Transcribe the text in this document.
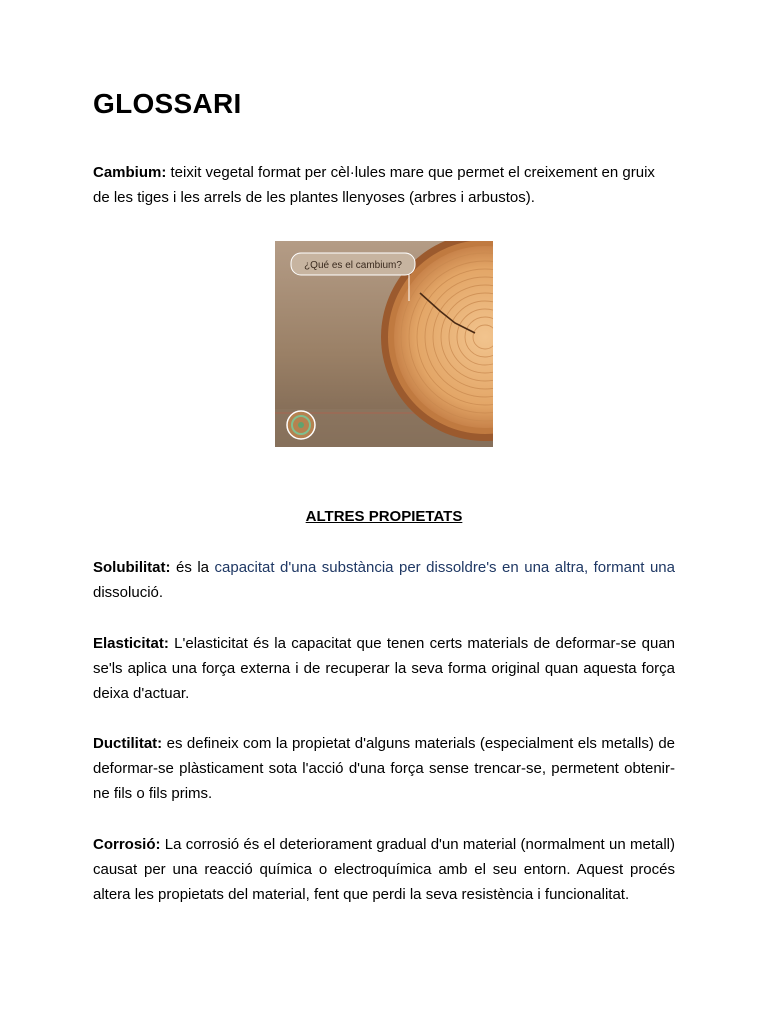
GLOSSARI

Cambium: teixit vegetal format per cèl·lules mare que permet el creixement en gruix de les tiges i les arrels de les plantes llenyoses (arbres i arbustos).

¿Qué es el cambium?
ALTRES PROPIETATS

Solubilitat: és la capacitat d'una substància per dissoldre's en una altra, formant una dissolució.

Elasticitat: L'elasticitat és la capacitat que tenen certs materials de deformar-se quan se'ls aplica una força externa i de recuperar la seva forma original quan aquesta força deixa d'actuar.

Ductilitat: es defineix com la propietat d'alguns materials (especialment els metalls) de deformar-se plàsticament sota l'acció d'una força sense trencar-se, permetent obtenir-ne fils o fils prims.

Corrosió: La corrosió és el deteriorament gradual d'un material (normalment un metall) causat per una reacció química o electroquímica amb el seu entorn. Aquest procés altera les propietats del material, fent que perdi la seva resistència i funcionalitat.
